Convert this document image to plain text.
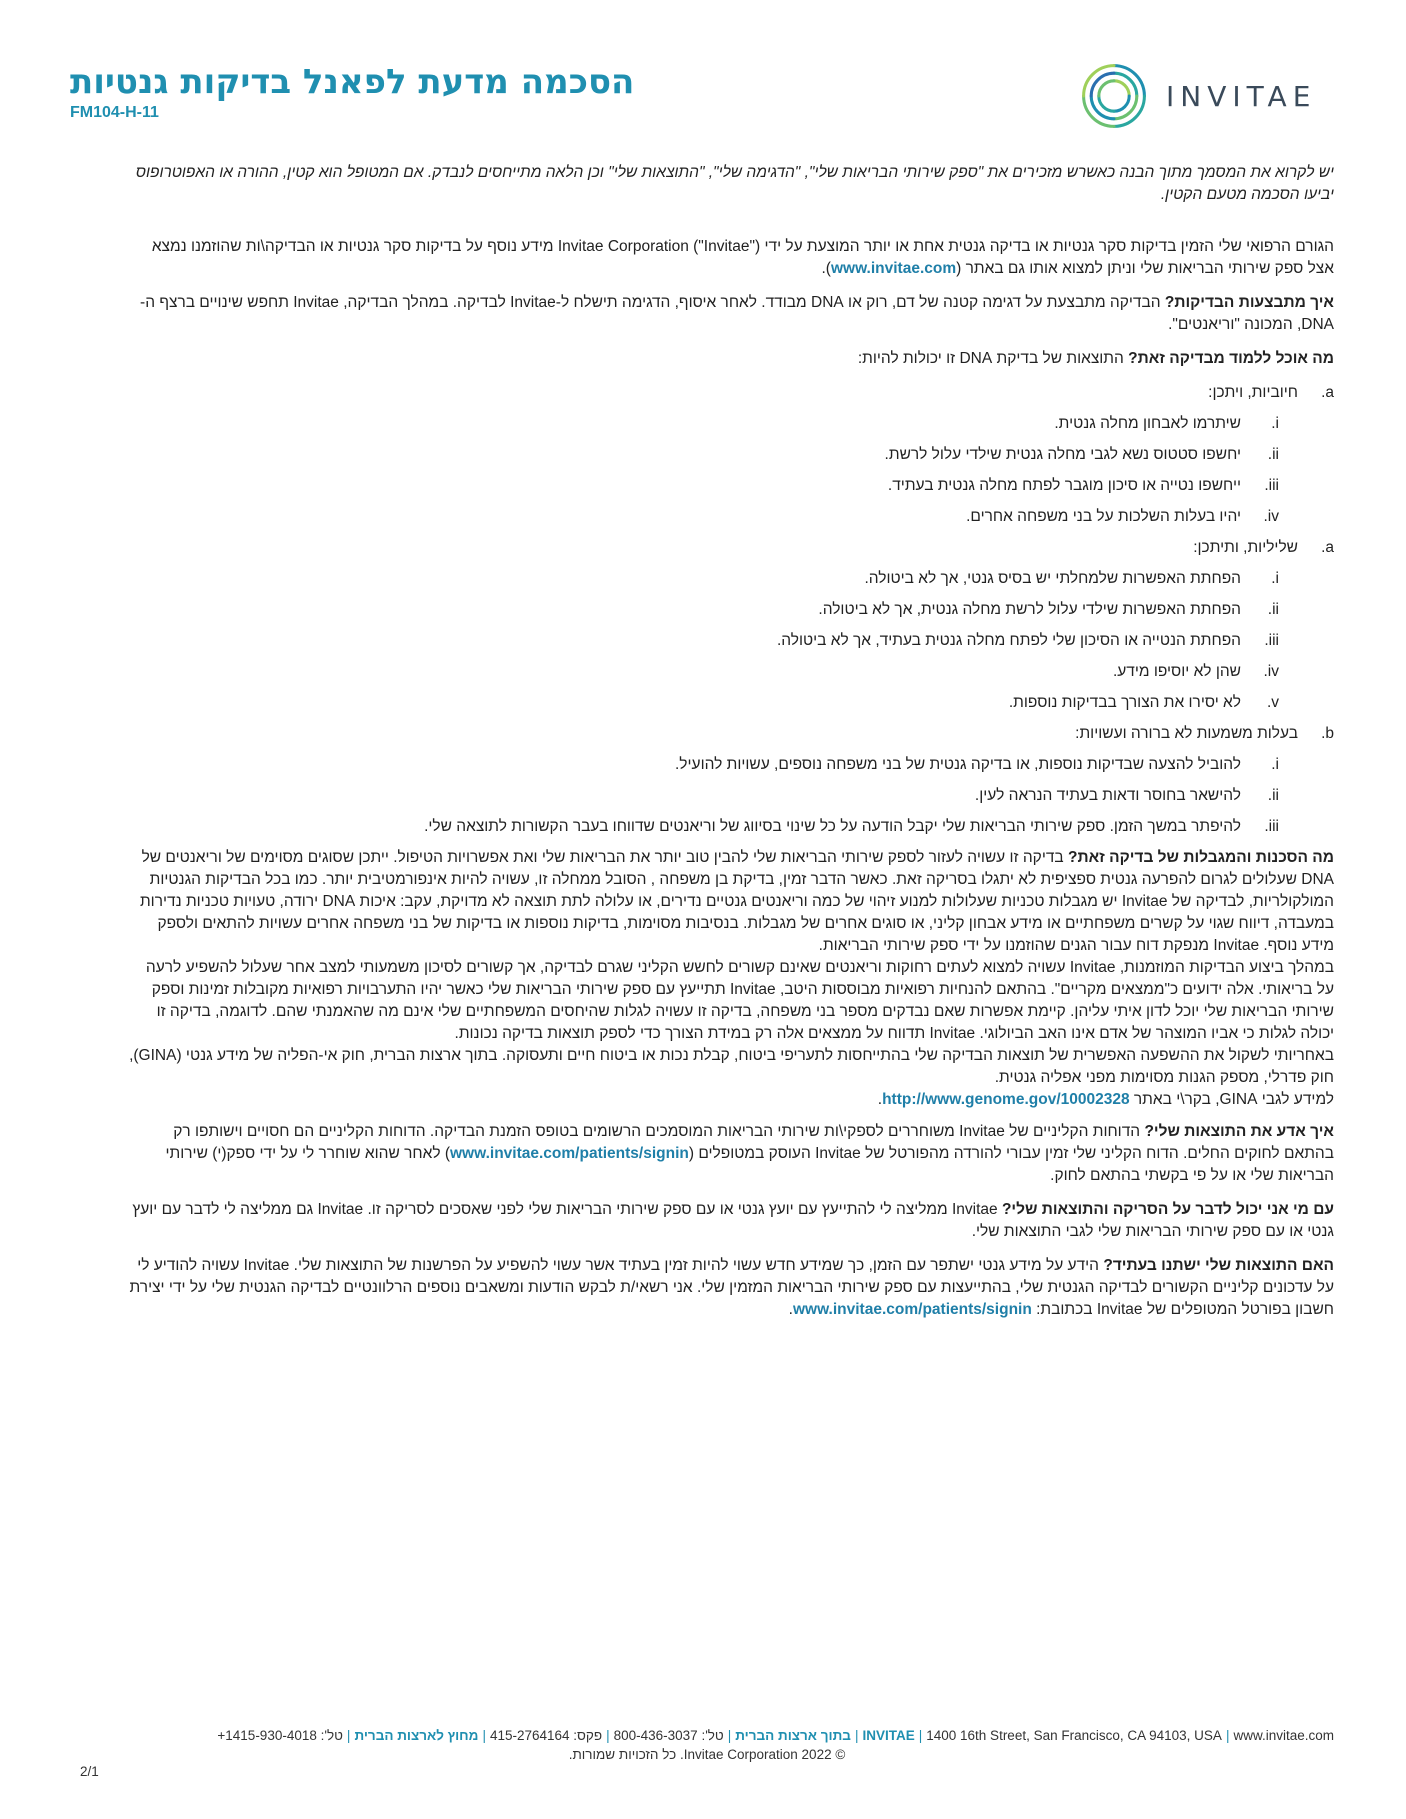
INVITAE
הסכמה מדעת לפאנל בדיקות גנטיות
FM104-H-11

יש לקרוא את המסמך מתוך הבנה כאשרש מזכירים את "ספק שירותי הבריאות שלי", "הדגימה שלי", "התוצאות שלי" וכן הלאה מתייחסים לנבדק. אם המטופל הוא קטין, ההורה או האפוטרופוס יביעו הסכמה מטעם הקטין.

הגורם הרפואי שלי הזמין בדיקות סקר גנטיות או בדיקה גנטית אחת או יותר המוצעת על ידי Invitae Corporation ("Invitae") מידע נוסף על בדיקות סקר גנטיות או הבדיקה\ות שהוזמנו נמצא אצל ספק שירותי הבריאות שלי וניתן למצוא אותו גם באתר (www.invitae.com).

איך מתבצעות הבדיקות? הבדיקה מתבצעת על דגימה קטנה של דם, רוק או DNA מבודד. לאחר איסוף, הדגימה תישלח ל-Invitae לבדיקה. במהלך הבדיקה, Invitae תחפש שינויים ברצף ה-DNA, המכונה "וריאנטים".

מה אוכל ללמוד מבדיקה זאת? התוצאות של בדיקת DNA זו יכולות להיות:

a.
חיוביות, ויתכן:
i.
שיתרמו לאבחון מחלה גנטית.
ii.
יחשפו סטטוס נשא לגבי מחלה גנטית שילדי עלול לרשת.
iii.
ייחשפו נטייה או סיכון מוגבר לפתח מחלה גנטית בעתיד.
iv.
יהיו בעלות השלכות על בני משפחה אחרים.
a.
שליליות, ותיתכן:
i.
הפחתת האפשרות שלמחלתי יש בסיס גנטי, אך לא ביטולה.
ii.
הפחתת האפשרות שילדי עלול לרשת מחלה גנטית, אך לא ביטולה.
iii.
הפחתת הנטייה או הסיכון שלי לפתח מחלה גנטית בעתיד, אך לא ביטולה.
iv.
שהן לא יוסיפו מידע.
v.
לא יסירו את הצורך בבדיקות נוספות.
b.
בעלות משמעות לא ברורה ועשויות:
i.
להוביל להצעה שבדיקות נוספות, או בדיקה גנטית של בני משפחה נוספים, עשויות להועיל.
ii.
להישאר בחוסר ודאות בעתיד הנראה לעין.
iii.
להיפתר במשך הזמן. ספק שירותי הבריאות שלי יקבל הודעה על כל שינוי בסיווג של וריאנטים שדווחו בעבר הקשורות לתוצאה שלי.
מה הסכנות והמגבלות של בדיקה זאת? בדיקה זו עשויה לעזור לספק שירותי הבריאות שלי להבין טוב יותר את הבריאות שלי ואת אפשרויות הטיפול. ייתכן שסוגים מסוימים של וריאנטים של DNA שעלולים לגרום להפרעה גנטית ספציפית לא יתגלו בסריקה זאת. כאשר הדבר זמין, בדיקת בן משפחה , הסובל ממחלה זו, עשויה להיות אינפורמטיבית יותר. כמו בכל הבדיקות הגנטיות המולקולריות, לבדיקה של Invitae יש מגבלות טכניות שעלולות למנוע זיהוי של כמה וריאנטים גנטיים נדירים, או עלולה לתת תוצאה לא מדויקת, עקב: איכות DNA ירודה, טעויות טכניות נדירות במעבדה, דיווח שגוי על קשרים משפחתיים או מידע אבחון קליני, או סוגים אחרים של מגבלות. בנסיבות מסוימות, בדיקות נוספות או בדיקות של בני משפחה אחרים עשויות להתאים ולספק מידע נוסף. Invitae מנפקת דוח עבור הגנים שהוזמנו על ידי ספק שירותי הבריאות.
במהלך ביצוע הבדיקות המוזמנות, Invitae עשויה למצוא לעתים רחוקות וריאנטים שאינם קשורים לחשש הקליני שגרם לבדיקה, אך קשורים לסיכון משמעותי למצב אחר שעלול להשפיע לרעה על בריאותי. אלה ידועים כ"ממצאים מקריים". בהתאם להנחיות רפואיות מבוססות היטב, Invitae תתייעץ עם ספק שירותי הבריאות שלי כאשר יהיו התערבויות רפואיות מקובלות זמינות וספק שירותי הבריאות שלי יוכל לדון איתי עליהן. קיימת אפשרות שאם נבדקים מספר בני משפחה, בדיקה זו עשויה לגלות שהיחסים המשפחתיים שלי אינם מה שהאמנתי שהם. לדוגמה, בדיקה זו יכולה לגלות כי אביו המוצהר של אדם אינו האב הביולוגי. Invitae תדווח על ממצאים אלה רק במידת הצורך כדי לספק תוצאות בדיקה נכונות.
באחריותי לשקול את ההשפעה האפשרית של תוצאות הבדיקה שלי בהתייחסות לתעריפי ביטוח, קבלת נכות או ביטוח חיים ותעסוקה. בתוך ארצות הברית, חוק אי-הפליה של מידע גנטי (GINA), חוק פדרלי, מספק הגנות מסוימות מפני אפליה גנטית.
למידע לגבי GINA, בקר\י באתר http://www.genome.gov/10002328.

איך אדע את התוצאות שלי? הדוחות הקליניים של Invitae משוחררים לספקי\ות שירותי הבריאות המוסמכים הרשומים בטופס הזמנת הבדיקה. הדוחות הקליניים הם חסויים וישותפו רק בהתאם לחוקים החלים. הדוח הקליני שלי זמין עבורי להורדה מהפורטל של Invitae העוסק במטופלים (www.invitae.com/patients/signin) לאחר שהוא שוחרר לי על ידי ספק(י) שירותי הבריאות שלי או על פי בקשתי בהתאם לחוק.

עם מי אני יכול לדבר על הסריקה והתוצאות שלי? Invitae ממליצה לי להתייעץ עם יועץ גנטי או עם ספק שירותי הבריאות שלי לפני שאסכים לסריקה זו. Invitae גם ממליצה לי לדבר עם יועץ גנטי או עם ספק שירותי הבריאות שלי לגבי התוצאות שלי.

האם התוצאות שלי ישתנו בעתיד? הידע על מידע גנטי ישתפר עם הזמן, כך שמידע חדש עשוי להיות זמין בעתיד אשר עשוי להשפיע על הפרשנות של התוצאות שלי. Invitae עשויה להודיע לי על עדכונים קליניים הקשורים לבדיקה הגנטית שלי, בהתייעצות עם ספק שירותי הבריאות המזמין שלי. אני רשאי/ת לבקש הודעות ומשאבים נוספים הרלוונטיים לבדיקה הגנטית שלי על ידי יצירת חשבון בפורטל המטופלים של Invitae בכתובת: www.invitae.com/patients/signin.

INVITAE | 1400 16th Street, San Francisco, CA 94103, USA | www.invitae.com|בתוך ארצות הברית|טל': 800-436-3037|פקס: 415-2764164|מחוץ לארצות הברית|טל': 1415-930-4018+
© 2022 Invitae Corporation. כל הזכויות שמורות.
2/1
